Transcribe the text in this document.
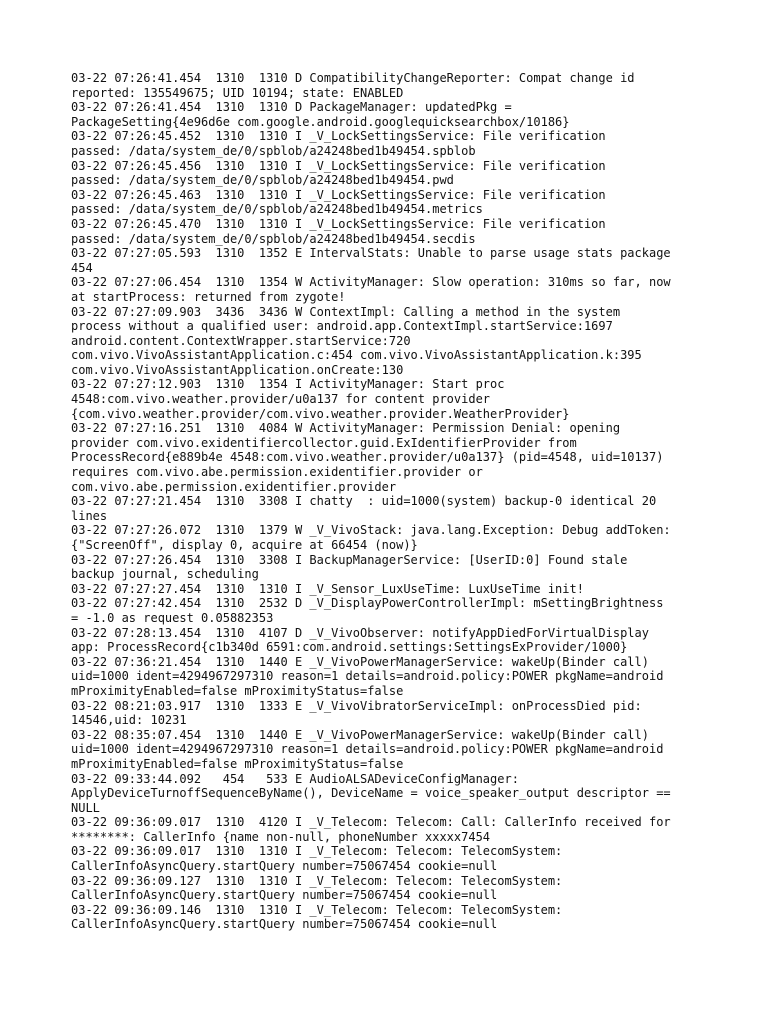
03-22 07:26:41.454  1310  1310 D CompatibilityChangeReporter: Compat change id
reported: 135549675; UID 10194; state: ENABLED
03-22 07:26:41.454  1310  1310 D PackageManager: updatedPkg =
PackageSetting{4e96d6e com.google.android.googlequicksearchbox/10186}
03-22 07:26:45.452  1310  1310 I _V_LockSettingsService: File verification
passed: /data/system_de/0/spblob/a24248bed1b49454.spblob
03-22 07:26:45.456  1310  1310 I _V_LockSettingsService: File verification
passed: /data/system_de/0/spblob/a24248bed1b49454.pwd
03-22 07:26:45.463  1310  1310 I _V_LockSettingsService: File verification
passed: /data/system_de/0/spblob/a24248bed1b49454.metrics
03-22 07:26:45.470  1310  1310 I _V_LockSettingsService: File verification
passed: /data/system_de/0/spblob/a24248bed1b49454.secdis
03-22 07:27:05.593  1310  1352 E IntervalStats: Unable to parse usage stats package
454
03-22 07:27:06.454  1310  1354 W ActivityManager: Slow operation: 310ms so far, now
at startProcess: returned from zygote!
03-22 07:27:09.903  3436  3436 W ContextImpl: Calling a method in the system
process without a qualified user: android.app.ContextImpl.startService:1697
android.content.ContextWrapper.startService:720
com.vivo.VivoAssistantApplication.c:454 com.vivo.VivoAssistantApplication.k:395
com.vivo.VivoAssistantApplication.onCreate:130
03-22 07:27:12.903  1310  1354 I ActivityManager: Start proc
4548:com.vivo.weather.provider/u0a137 for content provider
{com.vivo.weather.provider/com.vivo.weather.provider.WeatherProvider}
03-22 07:27:16.251  1310  4084 W ActivityManager: Permission Denial: opening
provider com.vivo.exidentifiercollector.guid.ExIdentifierProvider from
ProcessRecord{e889b4e 4548:com.vivo.weather.provider/u0a137} (pid=4548, uid=10137)
requires com.vivo.abe.permission.exidentifier.provider or
com.vivo.abe.permission.exidentifier.provider
03-22 07:27:21.454  1310  3308 I chatty  : uid=1000(system) backup-0 identical 20
lines
03-22 07:27:26.072  1310  1379 W _V_VivoStack: java.lang.Exception: Debug addToken:
{"ScreenOff", display 0, acquire at 66454 (now)}
03-22 07:27:26.454  1310  3308 I BackupManagerService: [UserID:0] Found stale
backup journal, scheduling
03-22 07:27:27.454  1310  1310 I _V_Sensor_LuxUseTime: LuxUseTime init!
03-22 07:27:42.454  1310  2532 D _V_DisplayPowerControllerImpl: mSettingBrightness
= -1.0 as request 0.05882353
03-22 07:28:13.454  1310  4107 D _V_VivoObserver: notifyAppDiedForVirtualDisplay
app: ProcessRecord{c1b340d 6591:com.android.settings:SettingsExProvider/1000}
03-22 07:36:21.454  1310  1440 E _V_VivoPowerManagerService: wakeUp(Binder call)
uid=1000 ident=4294967297310 reason=1 details=android.policy:POWER pkgName=android
mProximityEnabled=false mProximityStatus=false
03-22 08:21:03.917  1310  1333 E _V_VivoVibratorServiceImpl: onProcessDied pid:
14546,uid: 10231
03-22 08:35:07.454  1310  1440 E _V_VivoPowerManagerService: wakeUp(Binder call)
uid=1000 ident=4294967297310 reason=1 details=android.policy:POWER pkgName=android
mProximityEnabled=false mProximityStatus=false
03-22 09:33:44.092   454   533 E AudioALSADeviceConfigManager:
ApplyDeviceTurnoffSequenceByName(), DeviceName = voice_speaker_output descriptor ==
NULL
03-22 09:36:09.017  1310  4120 I _V_Telecom: Telecom: Call: CallerInfo received for
********: CallerInfo {name non-null, phoneNumber xxxxx7454
03-22 09:36:09.017  1310  1310 I _V_Telecom: Telecom: TelecomSystem:
CallerInfoAsyncQuery.startQuery number=75067454 cookie=null
03-22 09:36:09.127  1310  1310 I _V_Telecom: Telecom: TelecomSystem:
CallerInfoAsyncQuery.startQuery number=75067454 cookie=null
03-22 09:36:09.146  1310  1310 I _V_Telecom: Telecom: TelecomSystem:
CallerInfoAsyncQuery.startQuery number=75067454 cookie=null
